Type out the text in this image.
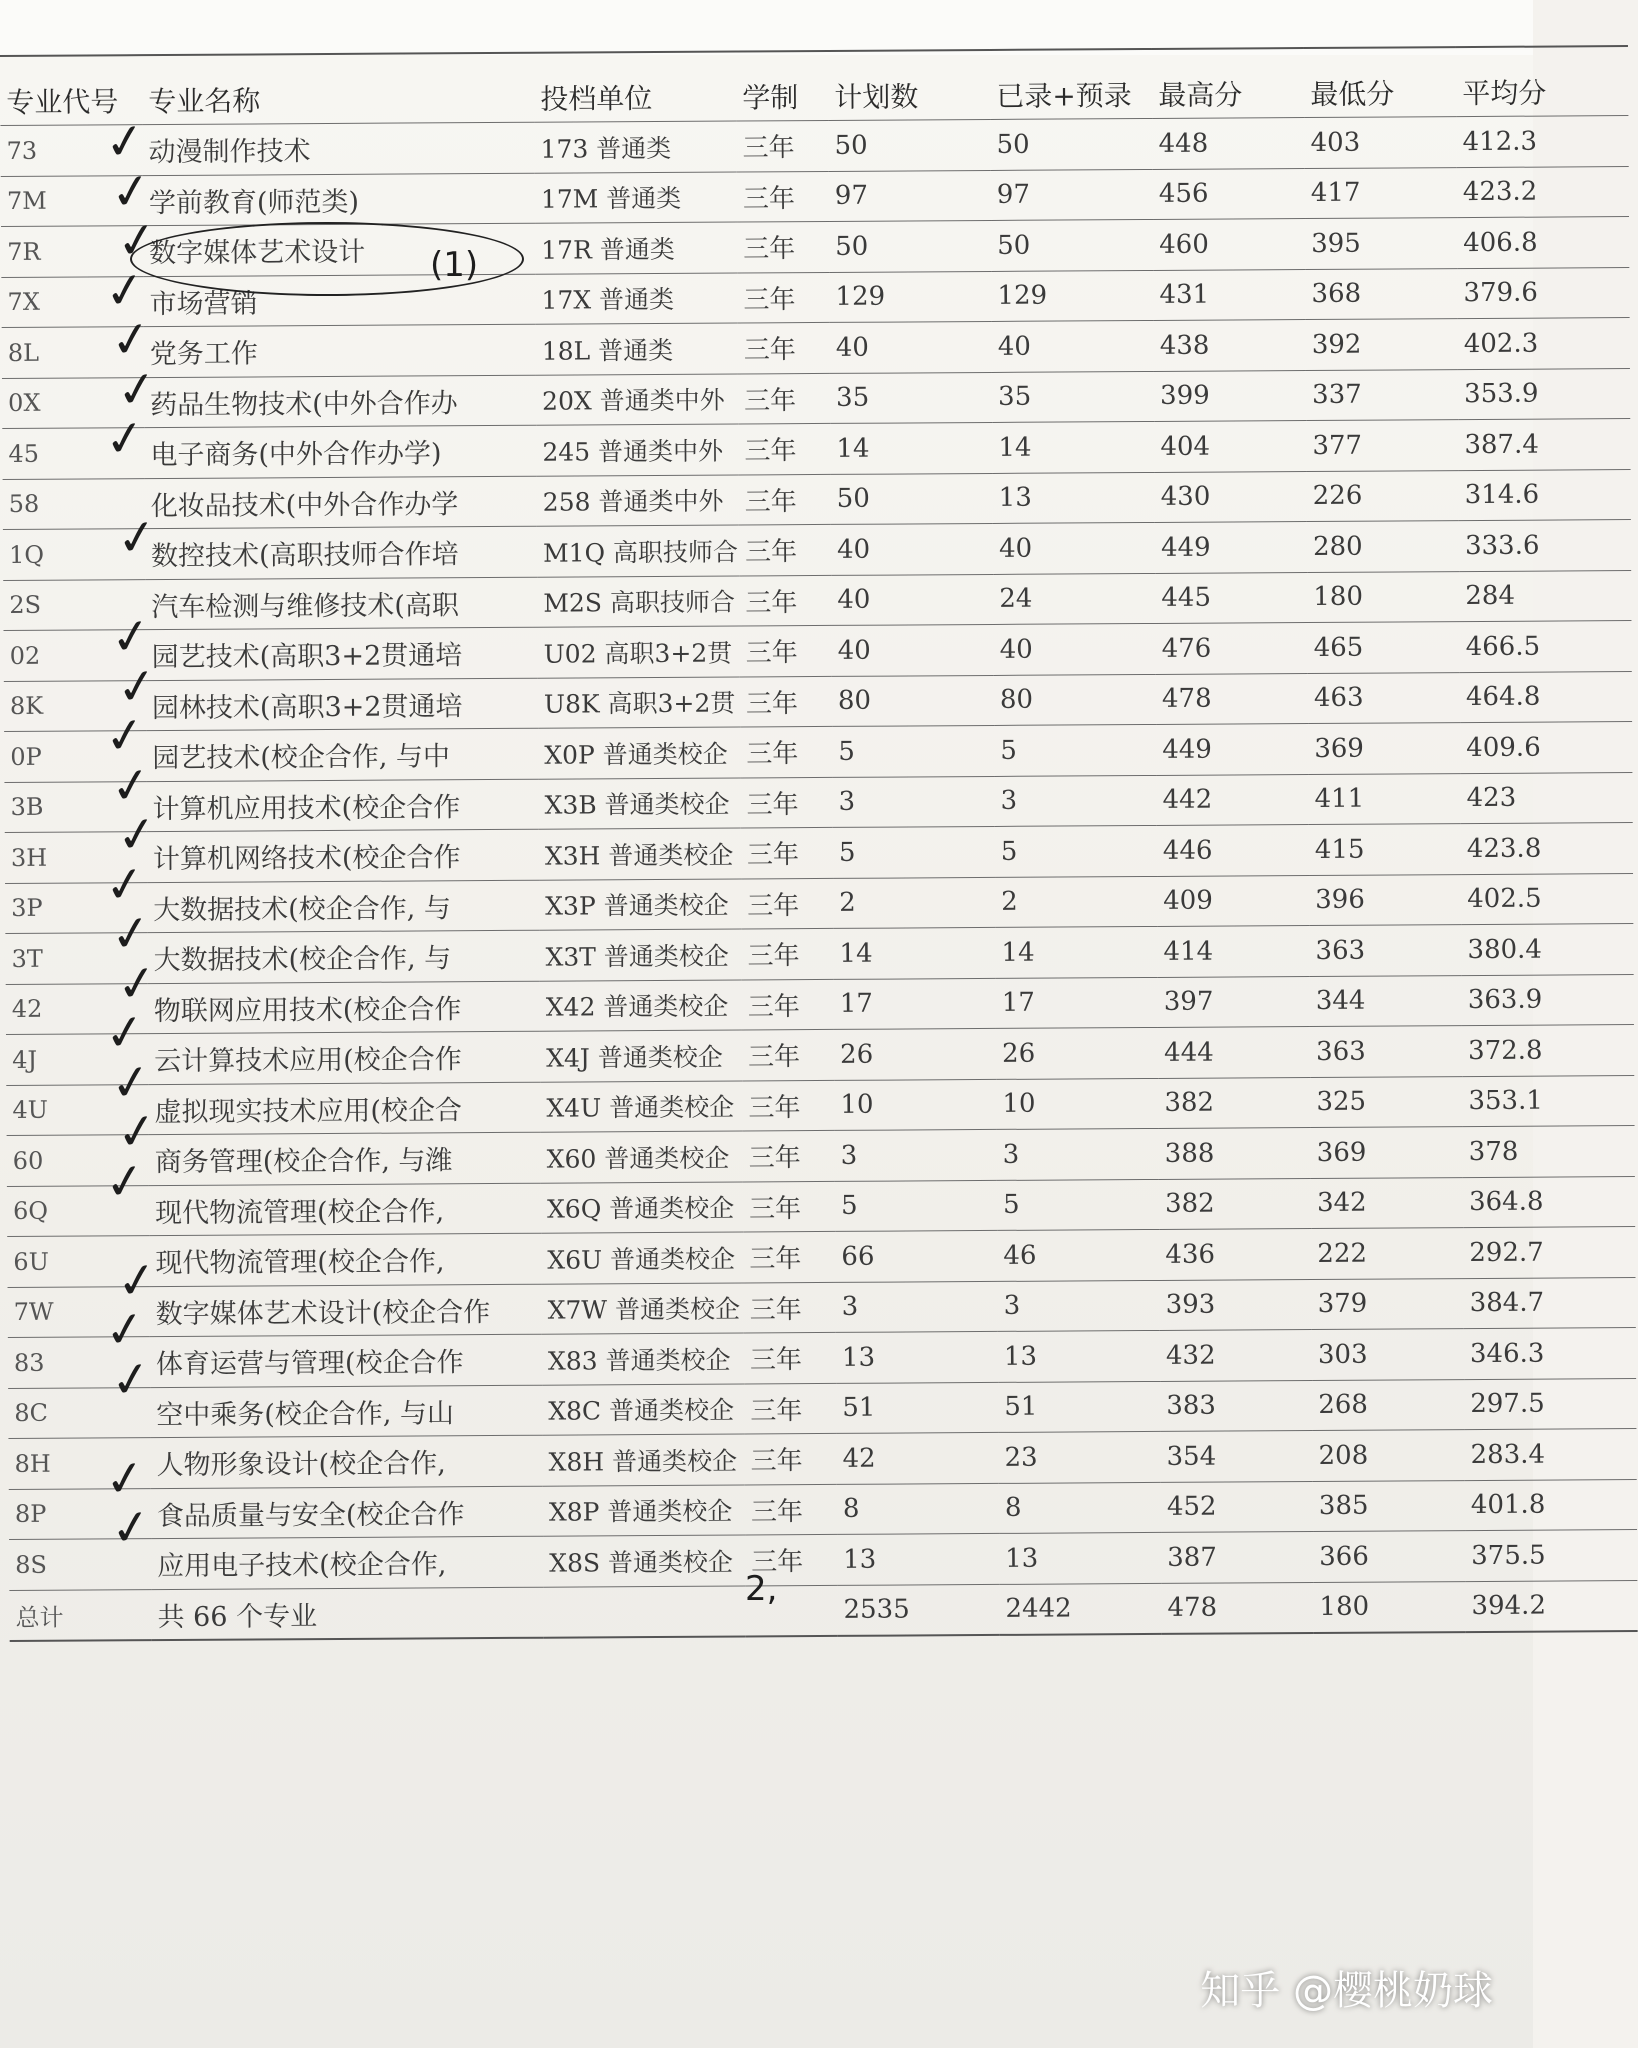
专业代号	专业名称	投档单位	学制	计划数	已录+预录	最高分	最低分	平均分
73	动漫制作技术	173 普通类	三年	50	50	448	403	412.3
7M	学前教育(师范类)	17M 普通类	三年	97	97	456	417	423.2
7R	数字媒体艺术设计	17R 普通类	三年	50	50	460	395	406.8
7X	市场营销	17X 普通类	三年	129	129	431	368	379.6
8L	党务工作	18L 普通类	三年	40	40	438	392	402.3
0X	药品生物技术(中外合作办	20X 普通类中外	三年	35	35	399	337	353.9
45	电子商务(中外合作办学)	245 普通类中外	三年	14	14	404	377	387.4
58	化妆品技术(中外合作办学	258 普通类中外	三年	50	13	430	226	314.6
1Q	数控技术(高职技师合作培	M1Q 高职技师合	三年	40	40	449	280	333.6
2S	汽车检测与维修技术(高职	M2S 高职技师合	三年	40	24	445	180	284
02	园艺技术(高职3+2贯通培	U02 高职3+2贯	三年	40	40	476	465	466.5
8K	园林技术(高职3+2贯通培	U8K 高职3+2贯	三年	80	80	478	463	464.8
0P	园艺技术(校企合作, 与中	X0P 普通类校企	三年	5	5	449	369	409.6
3B	计算机应用技术(校企合作	X3B 普通类校企	三年	3	3	442	411	423
3H	计算机网络技术(校企合作	X3H 普通类校企	三年	5	5	446	415	423.8
3P	大数据技术(校企合作, 与	X3P 普通类校企	三年	2	2	409	396	402.5
3T	大数据技术(校企合作, 与	X3T 普通类校企	三年	14	14	414	363	380.4
42	物联网应用技术(校企合作	X42 普通类校企	三年	17	17	397	344	363.9
4J	云计算技术应用(校企合作	X4J 普通类校企	三年	26	26	444	363	372.8
4U	虚拟现实技术应用(校企合	X4U 普通类校企	三年	10	10	382	325	353.1
60	商务管理(校企合作, 与潍	X60 普通类校企	三年	3	3	388	369	378
6Q	现代物流管理(校企合作,	X6Q 普通类校企	三年	5	5	382	342	364.8
6U	现代物流管理(校企合作,	X6U 普通类校企	三年	66	46	436	222	292.7
7W	数字媒体艺术设计(校企合作	X7W 普通类校企	三年	3	3	393	379	384.7
83	体育运营与管理(校企合作	X83 普通类校企	三年	13	13	432	303	346.3
8C	空中乘务(校企合作, 与山	X8C 普通类校企	三年	51	51	383	268	297.5
8H	人物形象设计(校企合作,	X8H 普通类校企	三年	42	23	354	208	283.4
8P	食品质量与安全(校企合作	X8P 普通类校企	三年	8	8	452	385	401.8
8S	应用电子技术(校企合作,	X8S 普通类校企	三年	13	13	387	366	375.5
总计	共 66 个专业			2535	2442	478	180	394.2
(1)
2,
✓
✓
✓
✓
✓
✓
✓
✓
✓
✓
✓
✓
✓
✓
✓
✓
✓
✓
✓
✓
✓
✓
✓
✓
✓
知乎 @樱桃奶球
